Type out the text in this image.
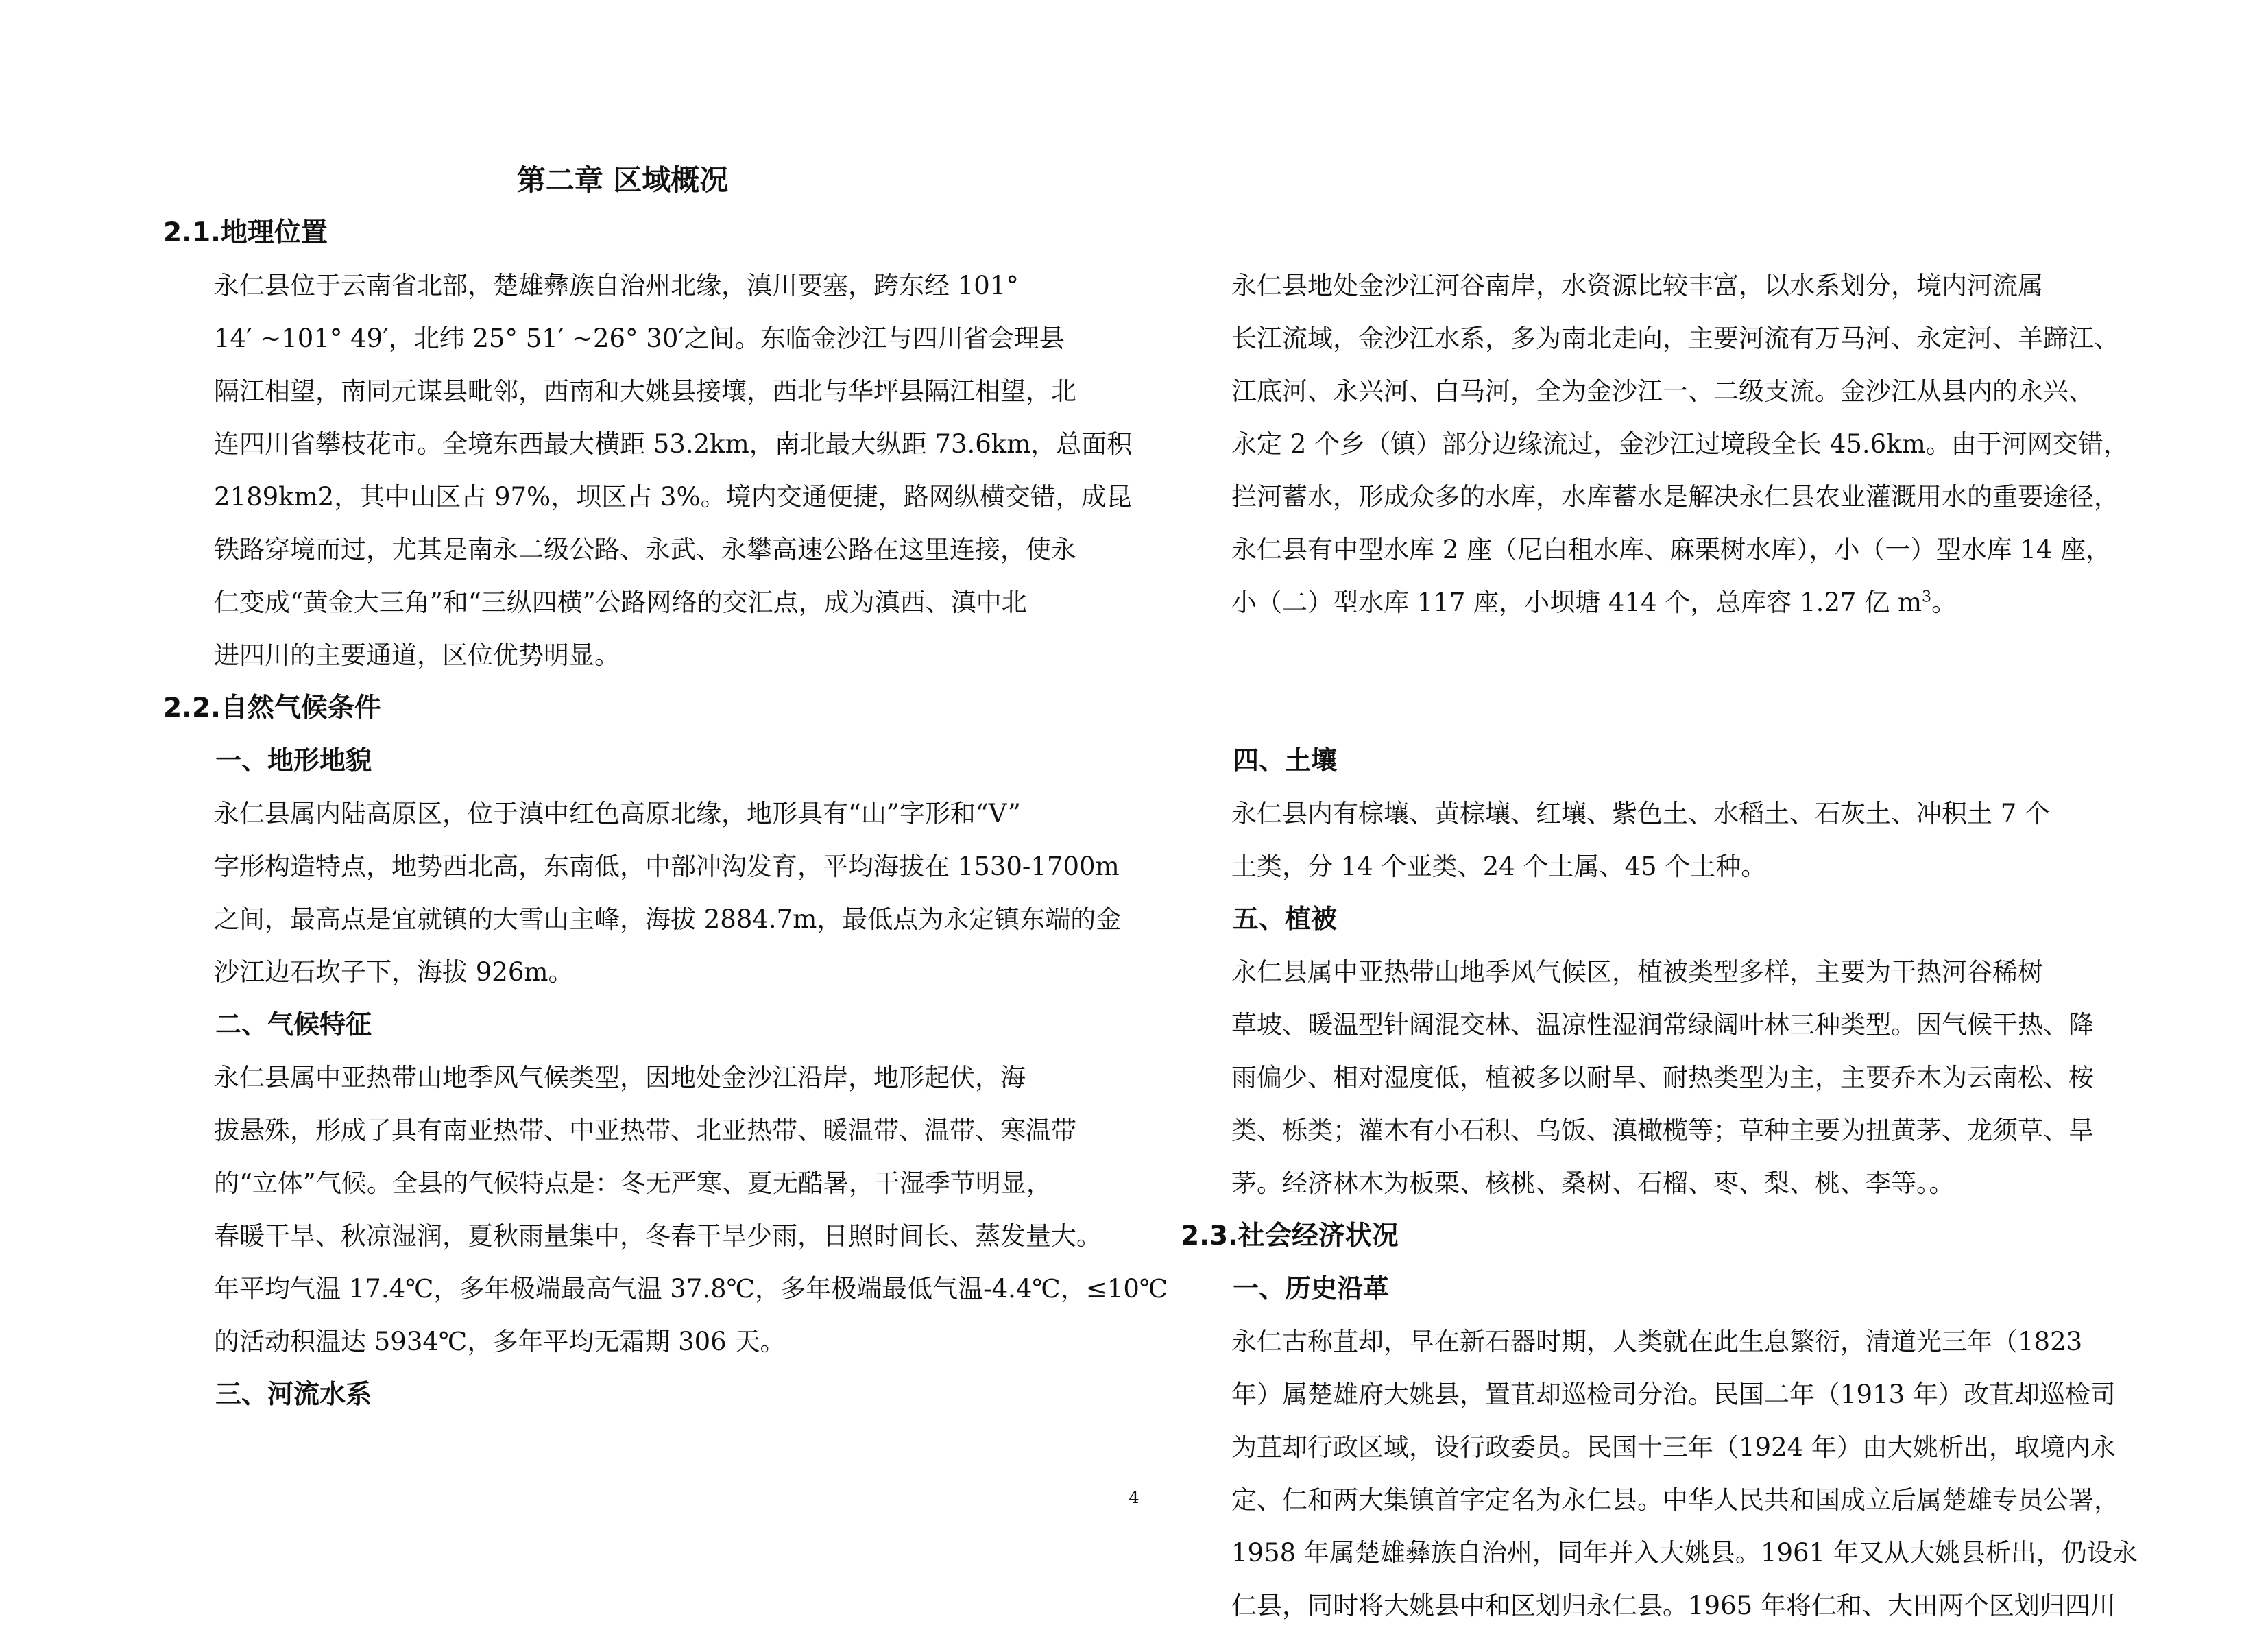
第二章 区域概况

2.1.地理位置

永仁县位于云南省北部，楚雄彝族自治州北缘，滇川要塞，跨东经 101°
14′ ~101° 49′，北纬 25° 51′ ~26° 30′之间。东临金沙江与四川省会理县
隔江相望，南同元谋县毗邻，西南和大姚县接壤，西北与华坪县隔江相望，北
连四川省攀枝花市。全境东西最大横距 53.2km，南北最大纵距 73.6km，总面积
2189km2，其中山区占 97%，坝区占 3%。境内交通便捷，路网纵横交错，成昆
铁路穿境而过，尤其是南永二级公路、永武、永攀高速公路在这里连接，使永
仁变成“黄金大三角”和“三纵四横”公路网络的交汇点，成为滇西、滇中北
进四川的主要通道，区位优势明显。

2.2.自然气候条件

一、地形地貌

永仁县属内陆高原区，位于滇中红色高原北缘，地形具有“山”字形和“V”
字形构造特点，地势西北高，东南低，中部冲沟发育，平均海拔在 1530-1700m
之间，最高点是宜就镇的大雪山主峰，海拔 2884.7m，最低点为永定镇东端的金
沙江边石坎子下，海拔 926m。

二、气候特征

永仁县属中亚热带山地季风气候类型，因地处金沙江沿岸，地形起伏，海
拔悬殊，形成了具有南亚热带、中亚热带、北亚热带、暖温带、温带、寒温带
的“立体”气候。全县的气候特点是：冬无严寒、夏无酷暑，干湿季节明显，
春暖干旱、秋凉湿润，夏秋雨量集中，冬春干旱少雨，日照时间长、蒸发量大。
年平均气温 17.4℃，多年极端最高气温 37.8℃，多年极端最低气温-4.4℃，≤10℃
的活动积温达 5934℃，多年平均无霜期 306 天。

三、河流水系

永仁县地处金沙江河谷南岸，水资源比较丰富，以水系划分，境内河流属
长江流域，金沙江水系，多为南北走向，主要河流有万马河、永定河、羊蹄江、
江底河、永兴河、白马河，全为金沙江一、二级支流。金沙江从县内的永兴、
永定 2 个乡（镇）部分边缘流过，金沙江过境段全长 45.6km。由于河网交错，
拦河蓄水，形成众多的水库，水库蓄水是解决永仁县农业灌溉用水的重要途径，
永仁县有中型水库 2 座（尼白租水库、麻栗树水库），小（一）型水库 14 座，
小（二）型水库 117 座，小坝塘 414 个，总库容 1.27 亿 $m^3$。

四、土壤

永仁县内有棕壤、黄棕壤、红壤、紫色土、水稻土、石灰土、冲积土 7 个
土类，分 14 个亚类、24 个土属、45 个土种。

五、植被

永仁县属中亚热带山地季风气候区，植被类型多样，主要为干热河谷稀树
草坡、暖温型针阔混交林、温凉性湿润常绿阔叶林三种类型。因气候干热、降
雨偏少、相对湿度低，植被多以耐旱、耐热类型为主，主要乔木为云南松、桉
类、栎类；灌木有小石积、乌饭、滇橄榄等；草种主要为扭黄茅、龙须草、旱
茅。经济林木为板栗、核桃、桑树、石榴、枣、梨、桃、李等。。

2.3.社会经济状况

一、历史沿革

永仁古称苴却，早在新石器时期，人类就在此生息繁衍，清道光三年（1823
年）属楚雄府大姚县，置苴却巡检司分治。民国二年（1913 年）改苴却巡检司
为苴却行政区域，设行政委员。民国十三年（1924 年）由大姚析出，取境内永
定、仁和两大集镇首字定名为永仁县。中华人民共和国成立后属楚雄专员公署，
1958 年属楚雄彝族自治州，同年并入大姚县。1961 年又从大姚县析出，仍设永
仁县，同时将大姚县中和区划归永仁县。1965 年将仁和、大田两个区划归四川

4
